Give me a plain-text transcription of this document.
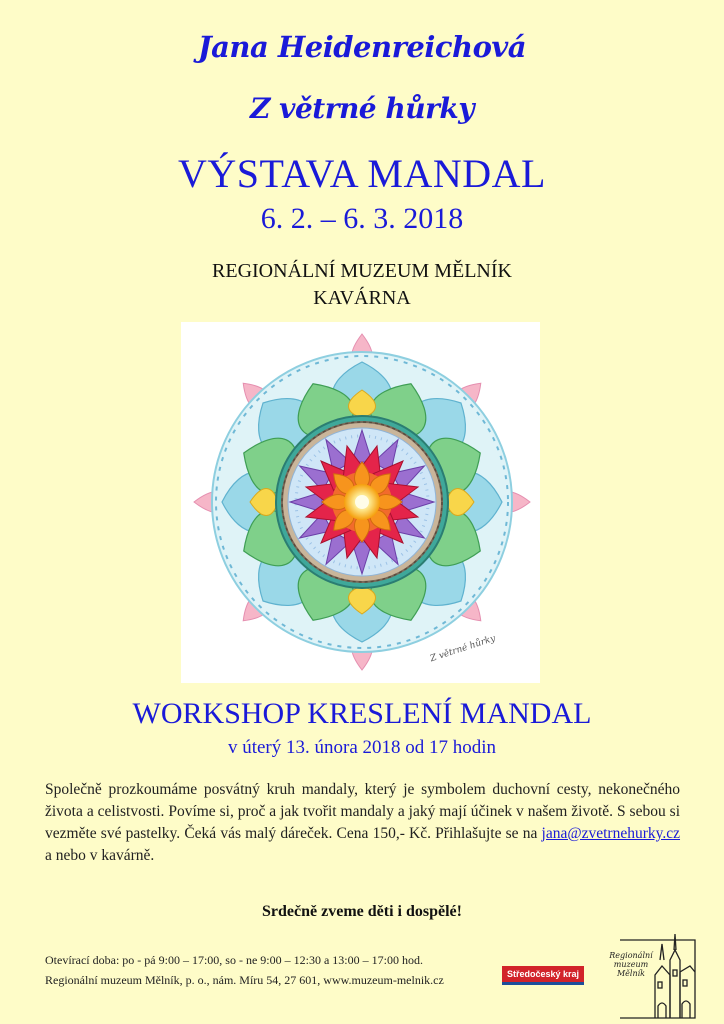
Jana Heidenreichová
Z větrné hůrky
VÝSTAVA MANDAL
6. 2. – 6. 3. 2018
REGIONÁLNÍ MUZEUM MĚLNÍK
KAVÁRNA
Z větrné hůrky
WORKSHOP KRESLENÍ MANDAL
v úterý 13. února 2018 od 17 hodin
Společně prozkoumáme posvátný kruh mandaly, který je symbolem duchovní cesty, nekonečného života a celistvosti. Povíme si, proč a jak tvořit mandaly a jaký mají účinek v našem životě. S sebou si vezměte své pastelky. Čeká vás malý dáreček. Cena 150,- Kč. Přihlašujte se na jana@zvetrnehurky.cz a nebo v kavárně.
Srdečně zveme děti i dospělé!
Otevírací doba: po - pá 9:00 – 17:00, so - ne 9:00 – 12:30 a 13:00 – 17:00 hod.
Regionální muzeum Mělník, p. o., nám. Míru 54, 27 601, www.muzeum-melnik.cz	Středočeský kraj
Regionální
muzeum
Mělník
